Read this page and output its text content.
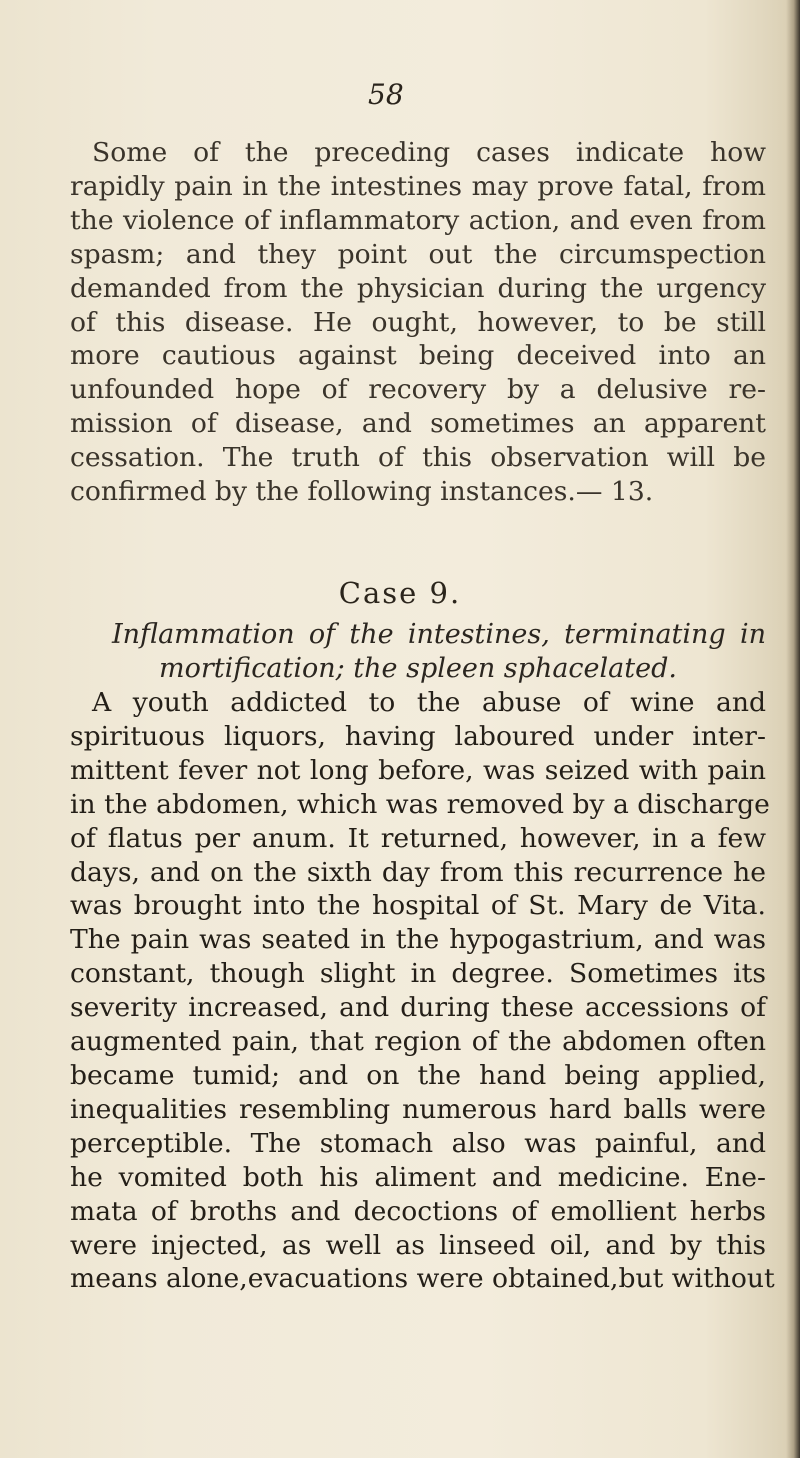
58
Some of the preceding cases indicate how
rapidly pain in the intestines may prove fatal, from
the violence of inflammatory action, and even from
spasm; and they point out the circumspection
demanded from the physician during the urgency
of this disease. He ought, however, to be still
more cautious against being deceived into an
unfounded hope of recovery by a delusive re-
mission of disease, and sometimes an apparent
cessation. The truth of this observation will be
confirmed by the following instances.— 13.
Case 9.
Inflammation of the intestines, terminating in
mortification; the spleen sphacelated.
A youth addicted to the abuse of wine and
spirituous liquors, having laboured under inter-
mittent fever not long before, was seized with pain
in the abdomen, which was removed by a discharge
of flatus per anum. It returned, however, in a few
days, and on the sixth day from this recurrence he
was brought into the hospital of St. Mary de Vita.
The pain was seated in the hypogastrium, and was
constant, though slight in degree. Sometimes its
severity increased, and during these accessions of
augmented pain, that region of the abdomen often
became tumid; and on the hand being applied,
inequalities resembling numerous hard balls were
perceptible. The stomach also was painful, and
he vomited both his aliment and medicine. Ene-
mata of broths and decoctions of emollient herbs
were injected, as well as linseed oil, and by this
means alone,evacuations were obtained,but without
